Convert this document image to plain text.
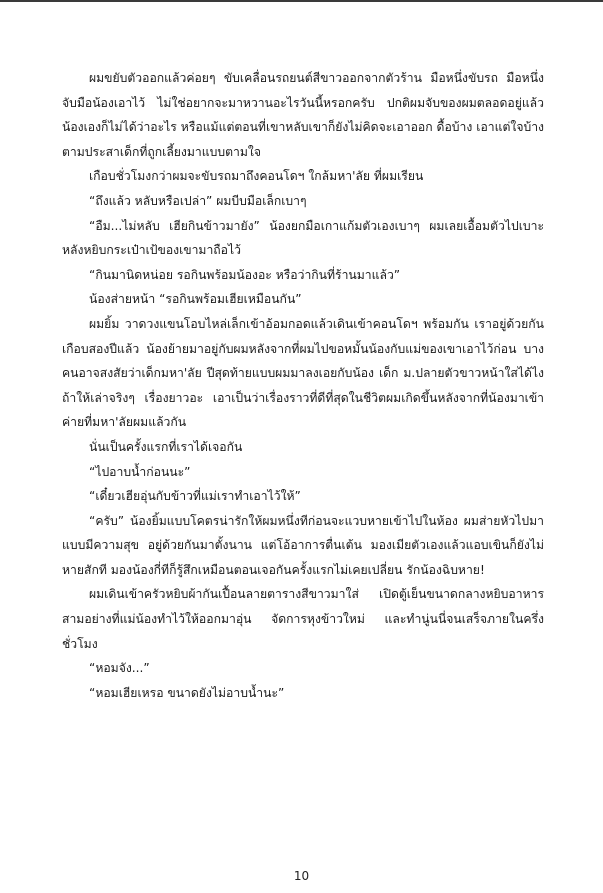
ผมขยับตัวออกแล้วค่อยๆ ขับเคลื่อนรถยนต์สีขาวออกจากตัวร้าน มือหนึ่งขับรถ มือหนึ่งจับมือน้องเอาไว้ ไม่ใช่อยากจะมาหวานอะไรวันนี้หรอกครับ ปกติผมจับของผมตลอดอยู่แล้ว น้องเองก็ไม่ได้ว่าอะไร หรือแม้แต่ตอนที่เขาหลับเขาก็ยังไม่คิดจะเอาออก ดื้อบ้าง เอาแต่ใจบ้างตามประสาเด็กที่ถูกเลี้ยงมาแบบตามใจ

เกือบชั่วโมงกว่าผมจะขับรถมาถึงคอนโดฯ ใกล้มหา'ลัย ที่ผมเรียน

“ถึงแล้ว หลับหรือเปล่า” ผมบีบมือเล็กเบาๆ

“อืม...ไม่หลับ เฮียกินข้าวมายัง” น้องยกมือเกาแก้มตัวเองเบาๆ ผมเลยเอื้อมตัวไปเบาะหลังหยิบกระเป๋าเป้ของเขามาถือไว้

“กินมานิดหน่อย รอกินพร้อมน้องอะ หรือว่ากินที่ร้านมาแล้ว”

น้องส่ายหน้า “รอกินพร้อมเฮียเหมือนกัน”

ผมยิ้ม วาดวงแขนโอบไหล่เล็กเข้าอ้อมกอดแล้วเดินเข้าคอนโดฯ พร้อมกัน เราอยู่ด้วยกันเกือบสองปีแล้ว น้องย้ายมาอยู่กับผมหลังจากที่ผมไปขอหมั้นน้องกับแม่ของเขาเอาไว้ก่อน บางคนอาจสงสัยว่าเด็กมหา'ลัย ปีสุดท้ายแบบผมมาลงเอยกับน้อง เด็ก ม.ปลายตัวขาวหน้าใสได้ไง ถ้าให้เล่าจริงๆ เรื่องยาวอะ เอาเป็นว่าเรื่องราวที่ดีที่สุดในชีวิตผมเกิดขึ้นหลังจากที่น้องมาเข้าค่ายที่มหา'ลัยผมแล้วกัน

นั่นเป็นครั้งแรกที่เราได้เจอกัน

“ไปอาบน้ำก่อนนะ”

“เดี๋ยวเฮียอุ่นกับข้าวที่แม่เราทำเอาไว้ให้”

“ครับ” น้องยิ้มแบบโคตรน่ารักให้ผมหนึ่งทีก่อนจะแวบหายเข้าไปในห้อง ผมส่ายหัวไปมาแบบมีความสุข อยู่ด้วยกันมาตั้งนาน แต่โอ้อาการตื่นเต้น มองเมียตัวเองแล้วแอบเขินก็ยังไม่หายสักที มองน้องกี่ทีก็รู้สึกเหมือนตอนเจอกันครั้งแรกไม่เคยเปลี่ยน รักน้องฉิบหาย!

ผมเดินเข้าครัวหยิบผ้ากันเปื้อนลายตารางสีขาวมาใส่ เปิดตู้เย็นขนาดกลางหยิบอาหารสามอย่างที่แม่น้องทำไว้ให้ออกมาอุ่น จัดการหุงข้าวใหม่ และทำนู่นนี่จนเสร็จภายในครึ่งชั่วโมง

“หอมจัง...”

“หอมเฮียเหรอ ขนาดยังไม่อาบน้ำนะ”

10
